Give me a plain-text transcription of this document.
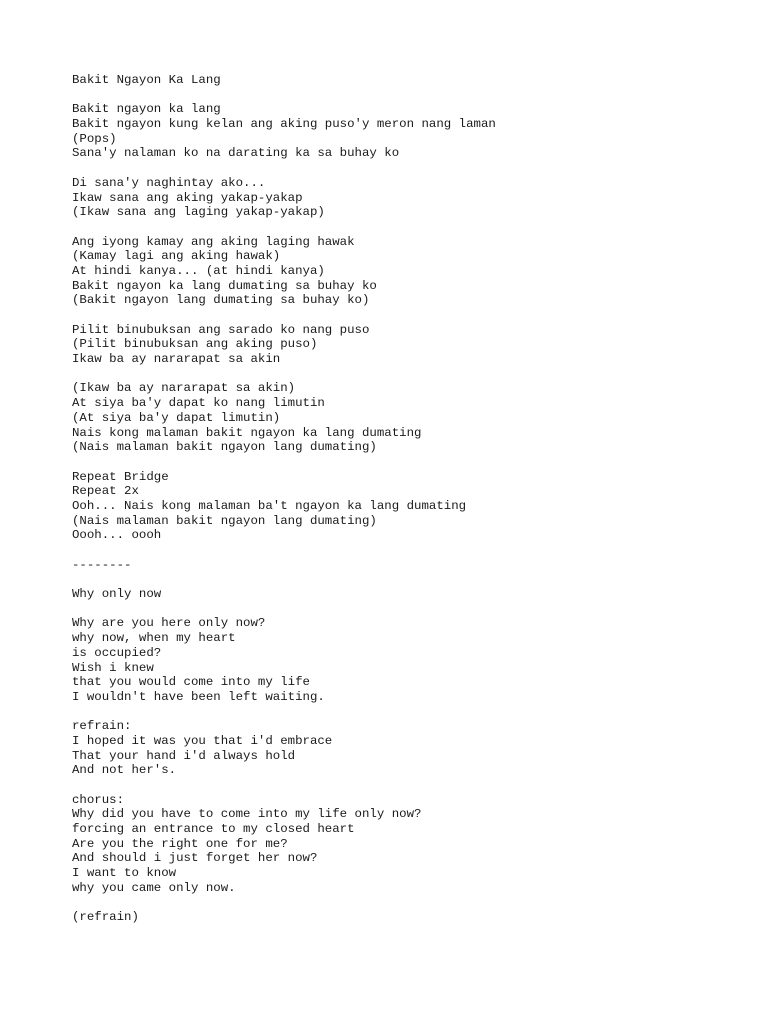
Bakit Ngayon Ka Lang
Bakit ngayon ka lang
Bakit ngayon kung kelan ang aking puso'y meron nang laman
(Pops)
Sana'y nalaman ko na darating ka sa buhay ko
Di sana'y naghintay ako...
Ikaw sana ang aking yakap-yakap
(Ikaw sana ang laging yakap-yakap)
Ang iyong kamay ang aking laging hawak
(Kamay lagi ang aking hawak)
At hindi kanya... (at hindi kanya)
Bakit ngayon ka lang dumating sa buhay ko
(Bakit ngayon lang dumating sa buhay ko)
Pilit binubuksan ang sarado ko nang puso
(Pilit binubuksan ang aking puso)
Ikaw ba ay nararapat sa akin
(Ikaw ba ay nararapat sa akin)
At siya ba'y dapat ko nang limutin
(At siya ba'y dapat limutin)
Nais kong malaman bakit ngayon ka lang dumating
(Nais malaman bakit ngayon lang dumating)
Repeat Bridge
Repeat 2x
Ooh... Nais kong malaman ba't ngayon ka lang dumating
(Nais malaman bakit ngayon lang dumating)
Oooh... oooh
--------
Why only now
Why are you here only now?
why now, when my heart
is occupied?
Wish i knew
that you would come into my life
I wouldn't have been left waiting.
refrain:
I hoped it was you that i'd embrace
That your hand i'd always hold
And not her's.
chorus:
Why did you have to come into my life only now?
forcing an entrance to my closed heart
Are you the right one for me?
And should i just forget her now?
I want to know
why you came only now.
(refrain)
